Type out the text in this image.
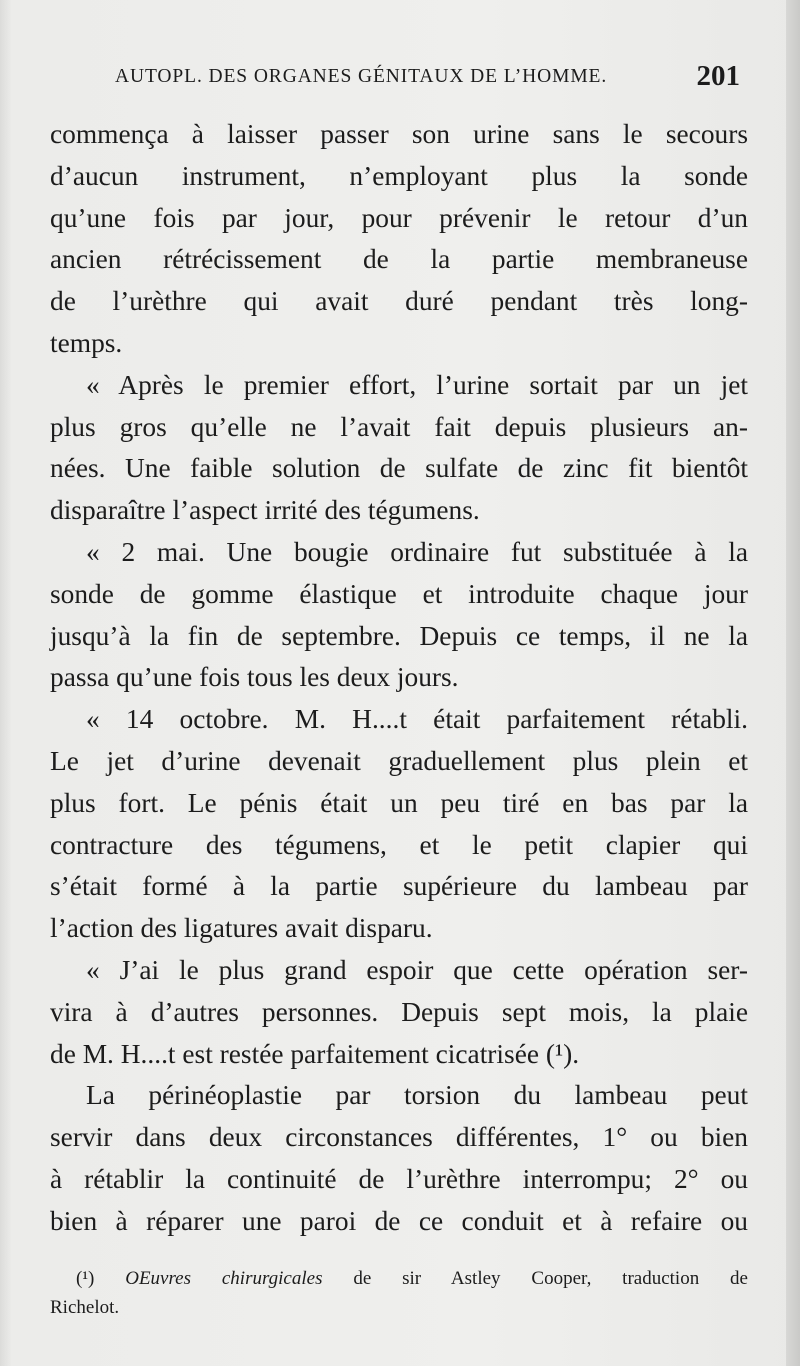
AUTOPL. DES ORGANES GÉNITAUX DE L’HOMME.	201
commença à laisser passer son urine sans le secours
d’aucun instrument, n’employant plus la sonde
qu’une fois par jour, pour prévenir le retour d’un
ancien rétrécissement de la partie membraneuse
de l’urèthre qui avait duré pendant très long-
temps.
« Après le premier effort, l’urine sortait par un jet
plus gros qu’elle ne l’avait fait depuis plusieurs an-
nées. Une faible solution de sulfate de zinc fit bientôt
disparaître l’aspect irrité des tégumens.
« 2 mai. Une bougie ordinaire fut substituée à la
sonde de gomme élastique et introduite chaque jour
jusqu’à la fin de septembre. Depuis ce temps, il ne la
passa qu’une fois tous les deux jours.
« 14 octobre. M. H....t était parfaitement rétabli.
Le jet d’urine devenait graduellement plus plein et
plus fort. Le pénis était un peu tiré en bas par la
contracture des tégumens, et le petit clapier qui
s’était formé à la partie supérieure du lambeau par
l’action des ligatures avait disparu.
« J’ai le plus grand espoir que cette opération ser-
vira à d’autres personnes. Depuis sept mois, la plaie
de M. H....t est restée parfaitement cicatrisée (¹).
La périnéoplastie par torsion du lambeau peut
servir dans deux circonstances différentes, 1° ou bien
à rétablir la continuité de l’urèthre interrompu; 2° ou
bien à réparer une paroi de ce conduit et à refaire ou
(¹) OEuvres chirurgicales de sir Astley Cooper, traduction de
Richelot.
